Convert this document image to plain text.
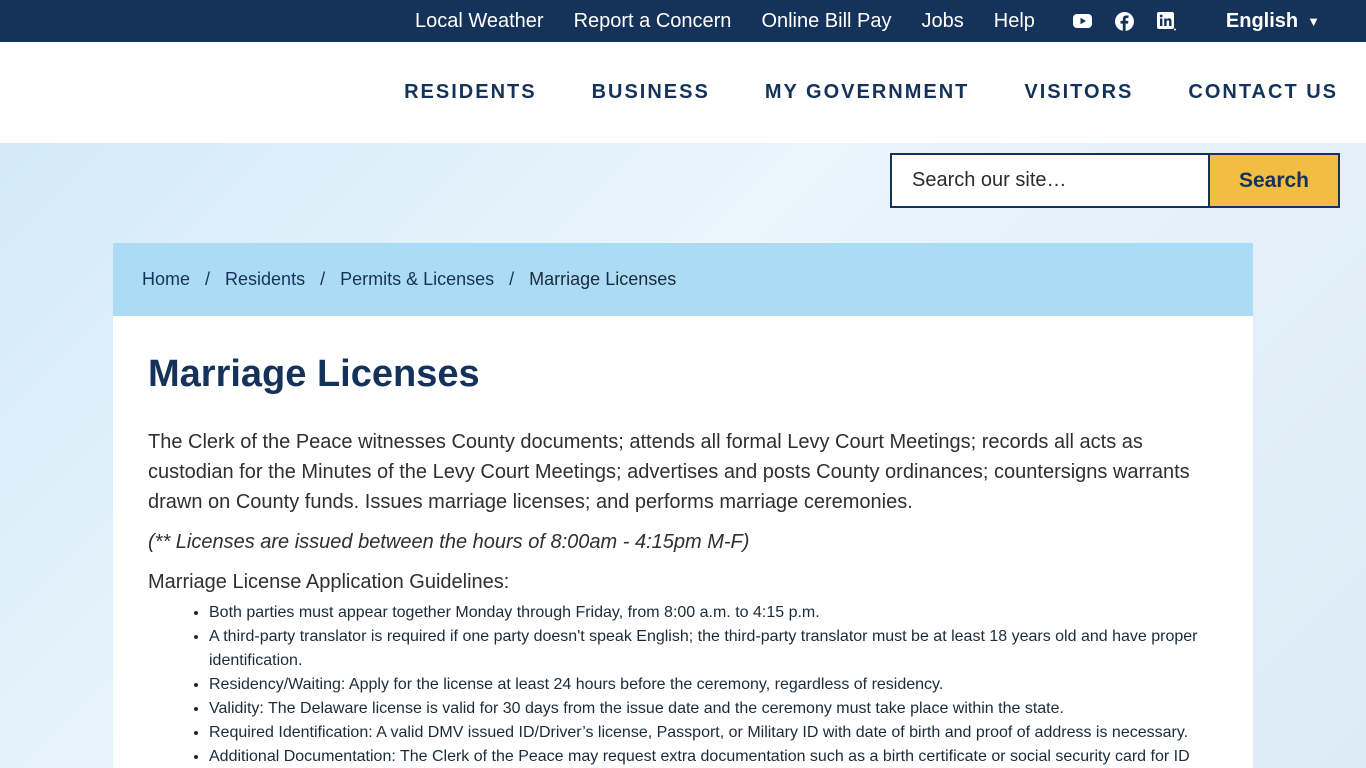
Local Weather Report a Concern Online Bill Pay Jobs Help	English ▼
RESIDENTS	BUSINESS	MY GOVERNMENT	VISITORS	CONTACT US
Search our site…
Search
Home / Residents / Permits & Licenses / Marriage Licenses
Marriage Licenses

The Clerk of the Peace witnesses County documents; attends all formal Levy Court Meetings; records all acts as custodian for the Minutes of the Levy Court Meetings; advertises and posts County ordinances; countersigns warrants drawn on County funds. Issues marriage licenses; and performs marriage ceremonies.

(** Licenses are issued between the hours of 8:00am - 4:15pm M-F)

Marriage License Application Guidelines:

• Both parties must appear together Monday through Friday, from 8:00 a.m. to 4:15 p.m.
• A third-party translator is required if one party doesn't speak English; the third-party translator must be at least 18 years old and have proper identification.
• Residency/Waiting: Apply for the license at least 24 hours before the ceremony, regardless of residency.
• Validity: The Delaware license is valid for 30 days from the issue date and the ceremony must take place within the state.
• Required Identification: A valid DMV issued ID/Driver’s license, Passport, or Military ID with date of birth and proof of address is necessary.
• Additional Documentation: The Clerk of the Peace may request extra documentation such as a birth certificate or social security card for ID
